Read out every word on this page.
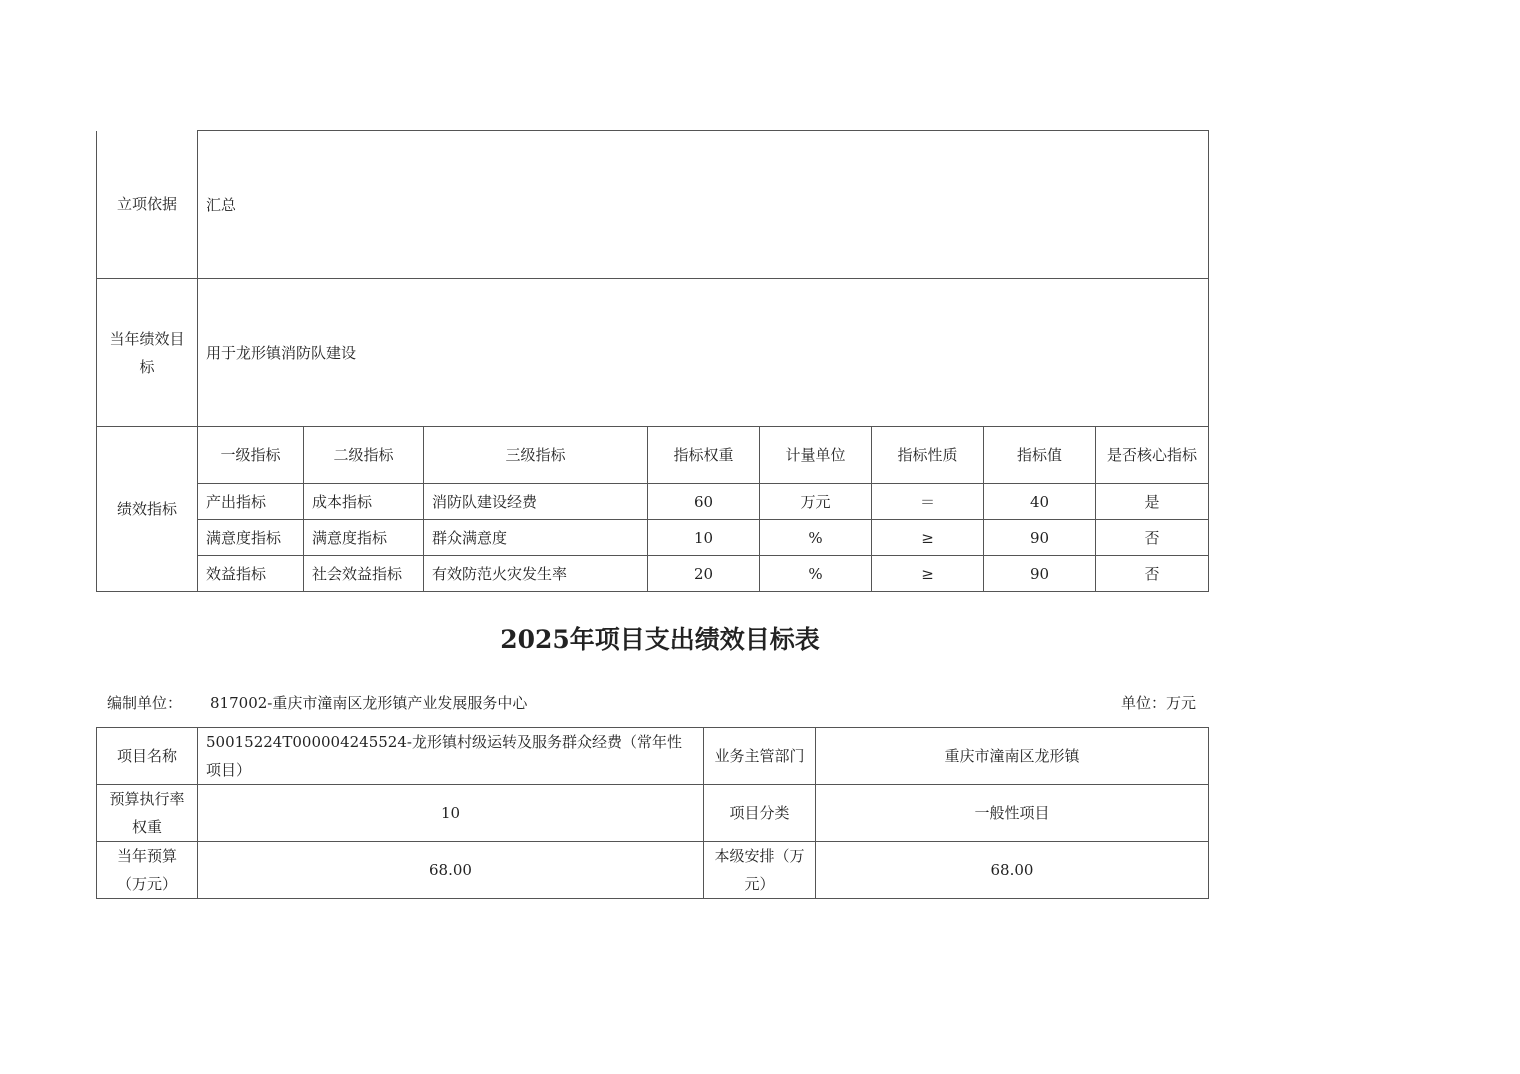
立项依据	汇总							
当年绩效目标	用于龙形镇消防队建设							
绩效指标	一级指标	二级指标	三级指标	指标权重	计量单位	指标性质	指标值	是否核心指标
	产出指标	成本指标	消防队建设经费	60	万元	＝	40	是
	满意度指标	满意度指标	群众满意度	10	%	≥	90	否
	效益指标	社会效益指标	有效防范火灾发生率	20	%	≥	90	否
2025年项目支出绩效目标表
编制单位： 817002-重庆市潼南区龙形镇产业发展服务中心	单位：万元
项目名称	50015224T000004245524-龙形镇村级运转及服务群众经费（常年性项目）	业务主管部门	重庆市潼南区龙形镇
预算执行率权重	10	项目分类	一般性项目
当年预算（万元）	68.00	本级安排（万元）	68.00
